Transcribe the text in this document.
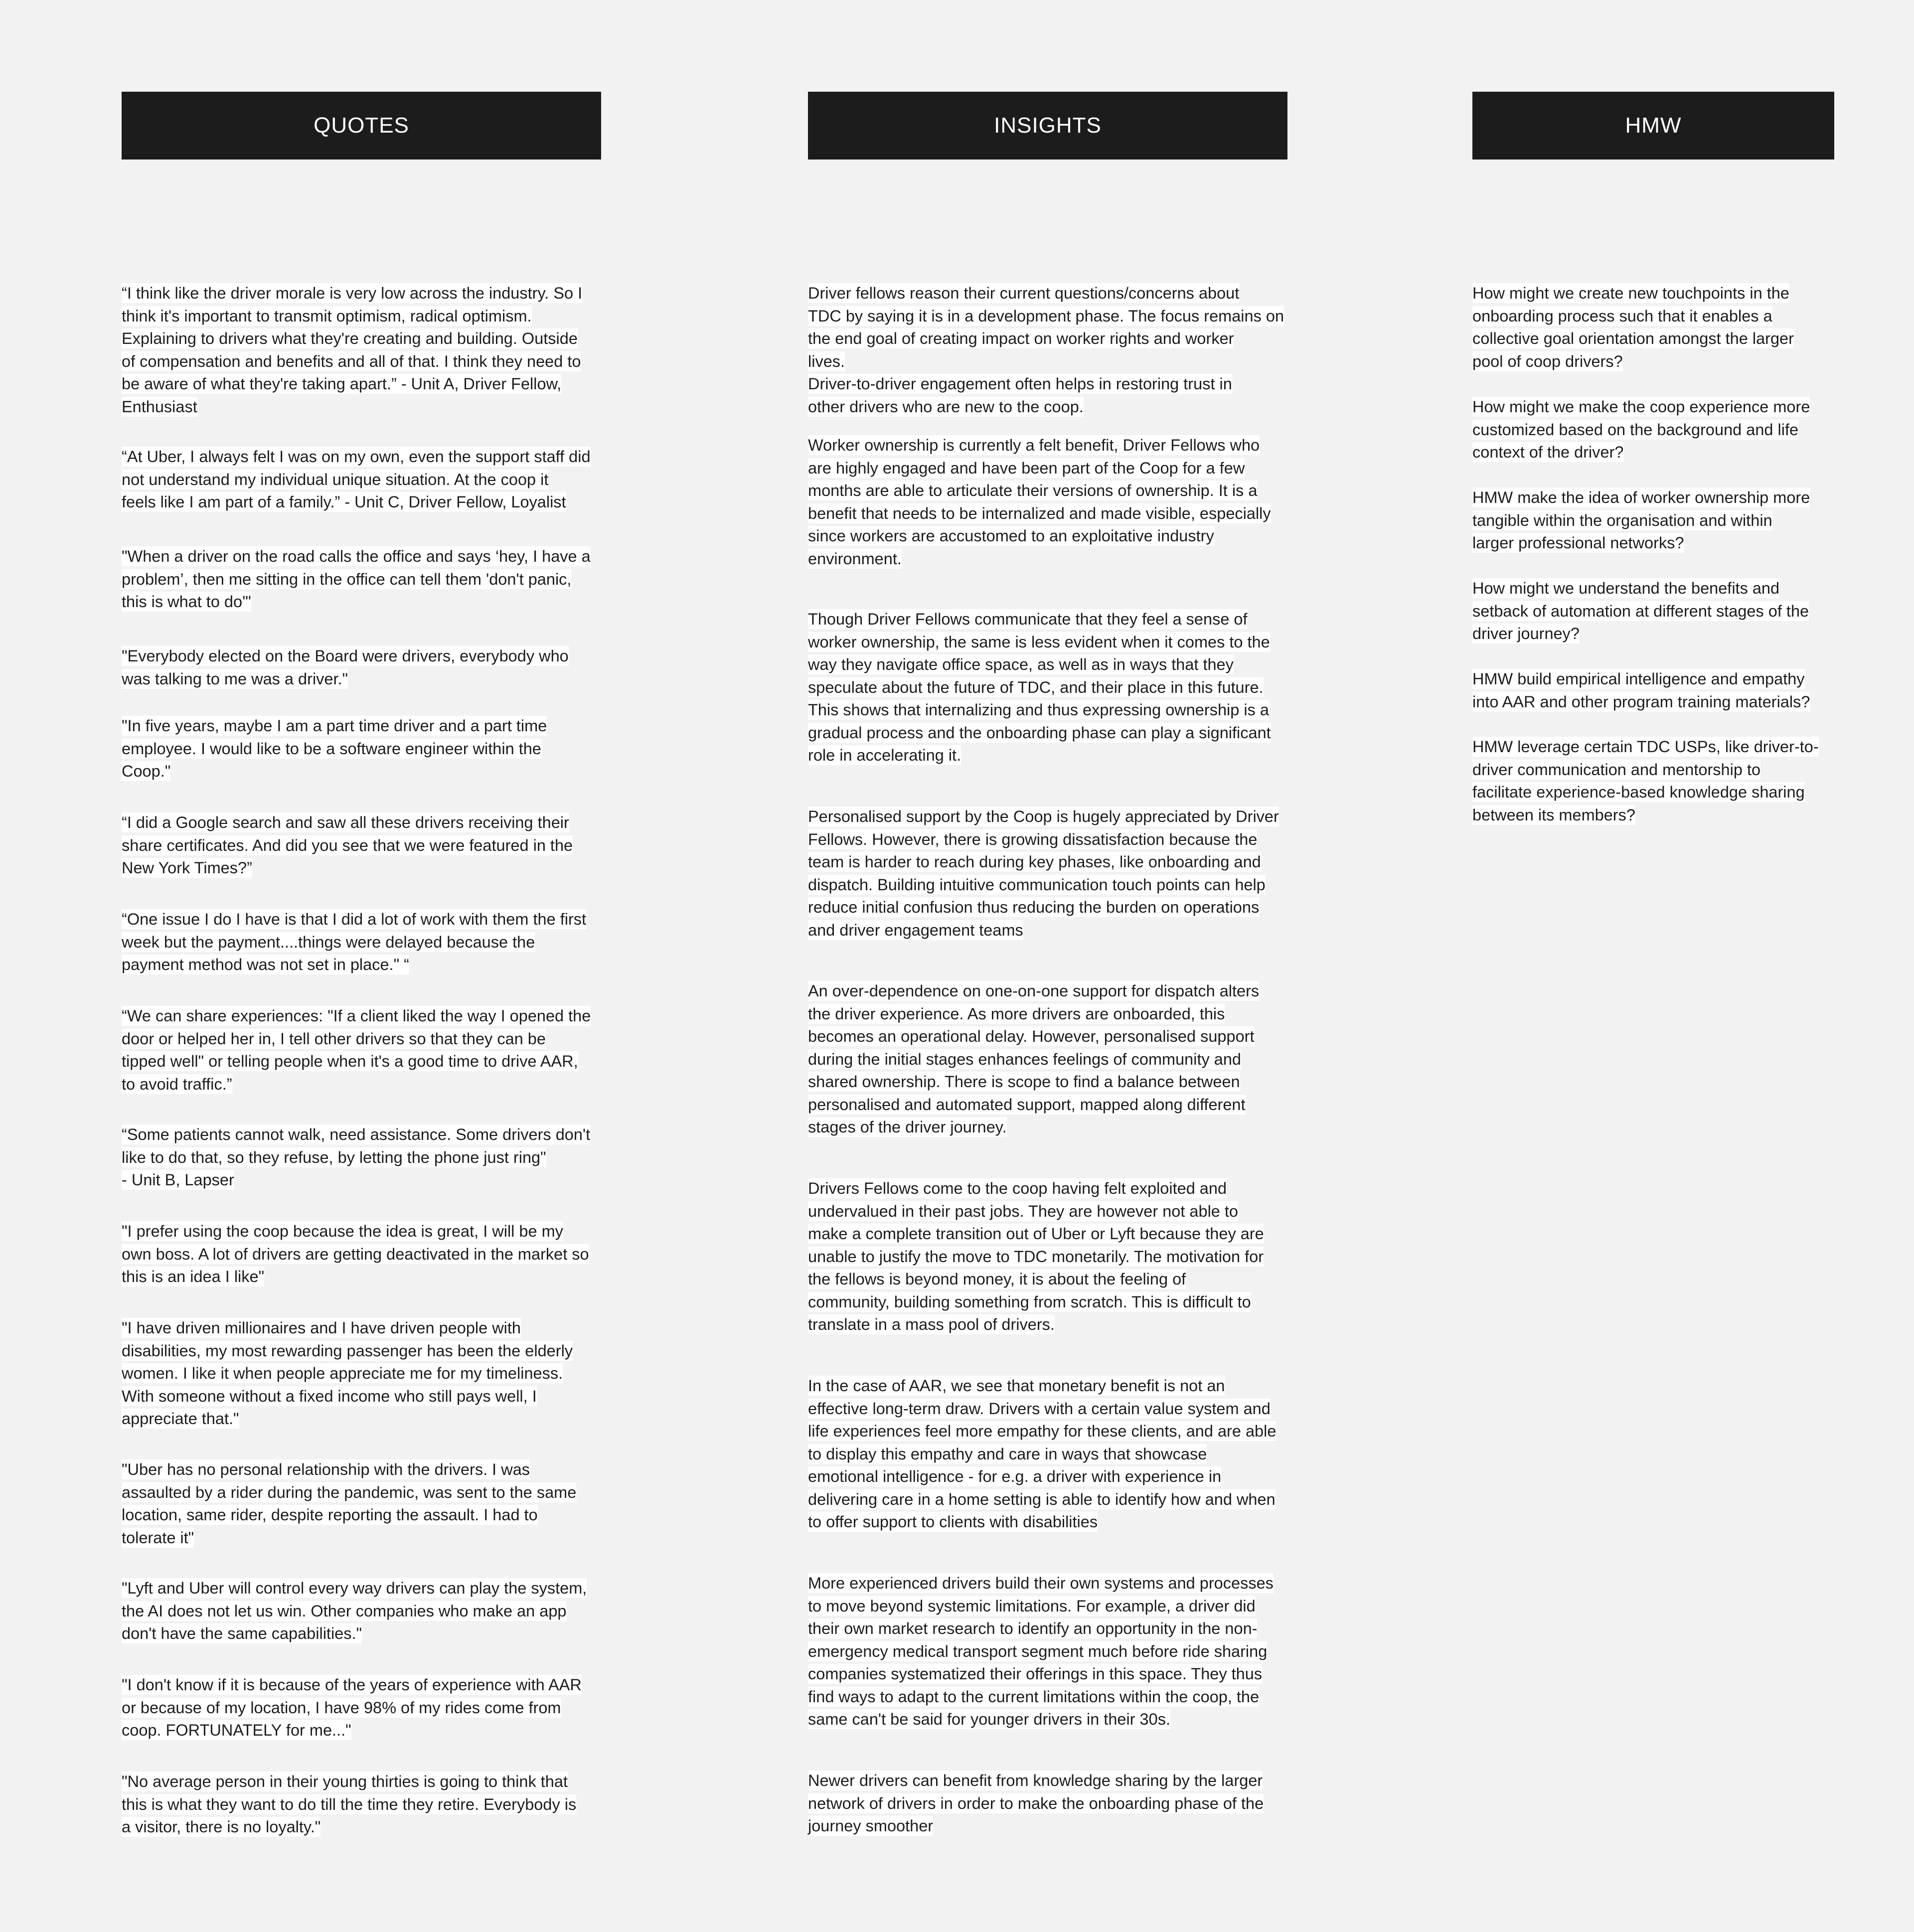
QUOTES
“I think like the driver morale is very low across the industry. So I
think it's important to transmit optimism, radical optimism.
Explaining to drivers what they're creating and building. Outside
of compensation and benefits and all of that. I think they need to
be aware of what they're taking apart.” - Unit A, Driver Fellow,
Enthusiast
“At Uber, I always felt I was on my own, even the support staff did
not understand my individual unique situation. At the coop it
feels like I am part of a family.” - Unit C, Driver Fellow, Loyalist
"When a driver on the road calls the office and says ‘hey, I have a
problem’, then me sitting in the office can tell them 'don't panic,
this is what to do'"
"Everybody elected on the Board were drivers, everybody who
was talking to me was a driver."
"In five years, maybe I am a part time driver and a part time
employee. I would like to be a software engineer within the
Coop."
“I did a Google search and saw all these drivers receiving their
share certificates. And did you see that we were featured in the
New York Times?”
“One issue I do I have is that I did a lot of work with them the first
week but the payment....things were delayed because the
payment method was not set in place." “
“We can share experiences: "If a client liked the way I opened the
door or helped her in, I tell other drivers so that they can be
tipped well" or telling people when it's a good time to drive AAR,
to avoid traffic.”
“Some patients cannot walk, need assistance. Some drivers don't
like to do that, so they refuse, by letting the phone just ring"
- Unit B, Lapser
"I prefer using the coop because the idea is great, I will be my
own boss. A lot of drivers are getting deactivated in the market so
this is an idea I like"
"I have driven millionaires and I have driven people with
disabilities, my most rewarding passenger has been the elderly
women. I like it when people appreciate me for my timeliness.
With someone without a fixed income who still pays well, I
appreciate that."
"Uber has no personal relationship with the drivers. I was
assaulted by a rider during the pandemic, was sent to the same
location, same rider, despite reporting the assault. I had to
tolerate it"
"Lyft and Uber will control every way drivers can play the system,
the AI does not let us win. Other companies who make an app
don't have the same capabilities."
"I don't know if it is because of the years of experience with AAR
or because of my location, I have 98% of my rides come from
coop. FORTUNATELY for me..."
"No average person in their young thirties is going to think that
this is what they want to do till the time they retire. Everybody is
a visitor, there is no loyalty."
INSIGHTS
Driver fellows reason their current questions/concerns about
TDC by saying it is in a development phase. The focus remains on
the end goal of creating impact on worker rights and worker
lives.
Driver-to-driver engagement often helps in restoring trust in
other drivers who are new to the coop.
Worker ownership is currently a felt benefit, Driver Fellows who
are highly engaged and have been part of the Coop for a few
months are able to articulate their versions of ownership. It is a
benefit that needs to be internalized and made visible, especially
since workers are accustomed to an exploitative industry
environment.
Though Driver Fellows communicate that they feel a sense of
worker ownership, the same is less evident when it comes to the
way they navigate office space, as well as in ways that they
speculate about the future of TDC, and their place in this future.
This shows that internalizing and thus expressing ownership is a
gradual process and the onboarding phase can play a significant
role in accelerating it.
Personalised support by the Coop is hugely appreciated by Driver
Fellows. However, there is growing dissatisfaction because the
team is harder to reach during key phases, like onboarding and
dispatch. Building intuitive communication touch points can help
reduce initial confusion thus reducing the burden on operations
and driver engagement teams
An over-dependence on one-on-one support for dispatch alters
the driver experience. As more drivers are onboarded, this
becomes an operational delay. However, personalised support
during the initial stages enhances feelings of community and
shared ownership. There is scope to find a balance between
personalised and automated support, mapped along different
stages of the driver journey.
Drivers Fellows come to the coop having felt exploited and
undervalued in their past jobs. They are however not able to
make a complete transition out of Uber or Lyft because they are
unable to justify the move to TDC monetarily. The motivation for
the fellows is beyond money, it is about the feeling of
community, building something from scratch. This is difficult to
translate in a mass pool of drivers.
In the case of AAR, we see that monetary benefit is not an
effective long-term draw. Drivers with a certain value system and
life experiences feel more empathy for these clients, and are able
to display this empathy and care in ways that showcase
emotional intelligence - for e.g. a driver with experience in
delivering care in a home setting is able to identify how and when
to offer support to clients with disabilities
More experienced drivers build their own systems and processes
to move beyond systemic limitations. For example, a driver did
their own market research to identify an opportunity in the non-
emergency medical transport segment much before ride sharing
companies systematized their offerings in this space. They thus
find ways to adapt to the current limitations within the coop, the
same can't be said for younger drivers in their 30s.
Newer drivers can benefit from knowledge sharing by the larger
network of drivers in order to make the onboarding phase of the
journey smoother
HMW
How might we create new touchpoints in the
onboarding process such that it enables a
collective goal orientation amongst the larger
pool of coop drivers?
How might we make the coop experience more
customized based on the background and life
context of the driver?
HMW make the idea of worker ownership more
tangible within the organisation and within
larger professional networks?
How might we understand the benefits and
setback of automation at different stages of the
driver journey?
HMW build empirical intelligence and empathy
into AAR and other program training materials?
HMW leverage certain TDC USPs, like driver-to-
driver communication and mentorship to
facilitate experience-based knowledge sharing
between its members?
